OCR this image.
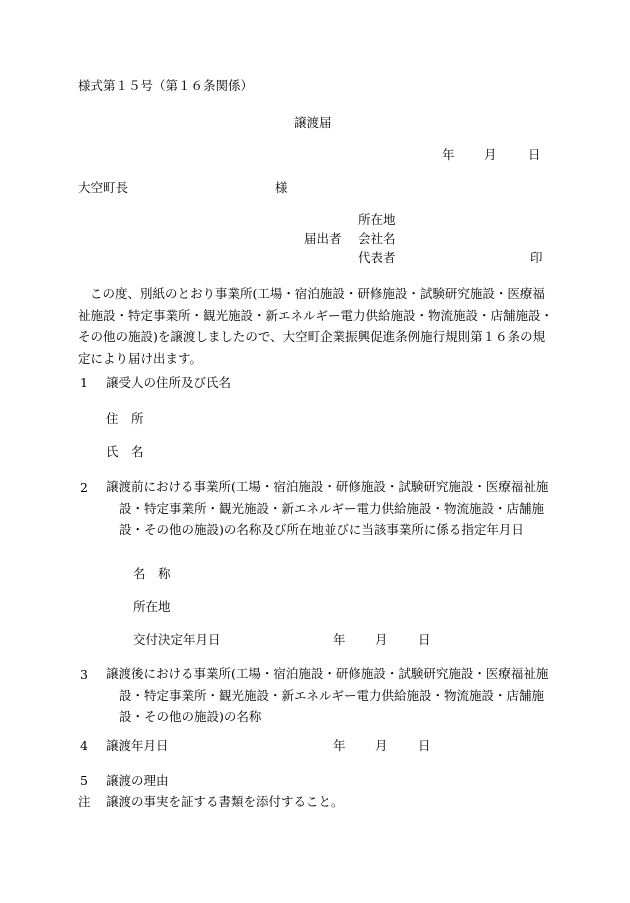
様式第１５号（第１６条関係）
譲渡届
年 月	日
大空町長	様
所在地
届出者 会社名
代表者	印
この度、別紙のとおり事業所(工場・宿泊施設・研修施設・試験研究施設・医療福祉施設・特定事業所・観光施設・新エネルギー電力供給施設・物流施設・店舗施設・その他の施設)を譲渡しましたので、大空町企業振興促進条例施行規則第１６条の規定により届け出ます。
1 譲受人の住所及び氏名
住　所
氏　名
2	譲渡前における事業所(工場・宿泊施設・研修施設・試験研究施設・医療福祉施設・特定事業所・観光施設・新エネルギー電力供給施設・物流施設・店舗施設・その他の施設)の名称及び所在地並びに当該事業所に係る指定年月日
名　称
所在地
交付決定年月日	年 月 日
3	譲渡後における事業所(工場・宿泊施設・研修施設・試験研究施設・医療福祉施設・特定事業所・観光施設・新エネルギー電力供給施設・物流施設・店舗施設・その他の施設)の名称
4 譲渡年月日	年 月 日
5 譲渡の理由
注 譲渡の事実を証する書類を添付すること。
